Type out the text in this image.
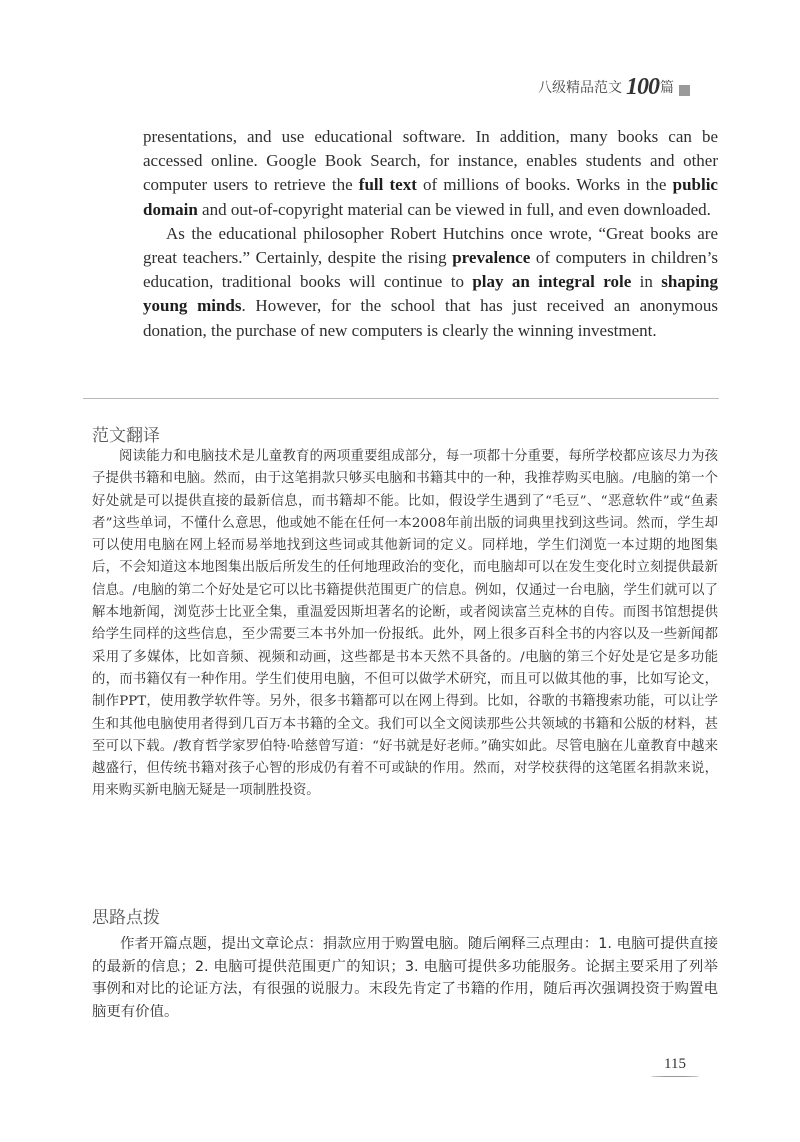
八级精品范文 100 篇

presentations, and use educational software. In addition, many books can be accessed online. Google Book Search, for instance, enables students and other computer users to retrieve the full text of millions of books. Works in the public domain and out-of-copyright material can be viewed in full, and even downloaded.

As the educational philosopher Robert Hutchins once wrote, “Great books are great teachers.” Certainly, despite the rising prevalence of computers in children’s education, traditional books will continue to play an integral role in shaping young minds. However, for the school that has just received an anonymous donation, the purchase of new computers is clearly the winning investment.

范文翻译
阅读能力和电脑技术是儿童教育的两项重要组成部分，每一项都十分重要，每所学校都应该尽力为孩子提供书籍和电脑。然而，由于这笔捐款只够买电脑和书籍其中的一种，我推荐购买电脑。/电脑的第一个好处就是可以提供直接的最新信息，而书籍却不能。比如，假设学生遇到了“毛豆”、“恶意软件”或“鱼素者”这些单词，不懂什么意思，他或她不能在任何一本2008年前出版的词典里找到这些词。然而，学生却可以使用电脑在网上轻而易举地找到这些词或其他新词的定义。同样地，学生们浏览一本过期的地图集后，不会知道这本地图集出版后所发生的任何地理政治的变化，而电脑却可以在发生变化时立刻提供最新信息。/电脑的第二个好处是它可以比书籍提供范围更广的信息。例如，仅通过一台电脑，学生们就可以了解本地新闻，浏览莎士比亚全集，重温爱因斯坦著名的论断，或者阅读富兰克林的自传。而图书馆想提供给学生同样的这些信息，至少需要三本书外加一份报纸。此外，网上很多百科全书的内容以及一些新闻都采用了多媒体，比如音频、视频和动画，这些都是书本天然不具备的。/电脑的第三个好处是它是多功能的，而书籍仅有一种作用。学生们使用电脑，不但可以做学术研究，而且可以做其他的事，比如写论文，制作PPT，使用教学软件等。另外，很多书籍都可以在网上得到。比如，谷歌的书籍搜索功能，可以让学生和其他电脑使用者得到几百万本书籍的全文。我们可以全文阅读那些公共领域的书籍和公版的材料，甚至可以下载。/教育哲学家罗伯特·哈慈曾写道：“好书就是好老师。”确实如此。尽管电脑在儿童教育中越来越盛行，但传统书籍对孩子心智的形成仍有着不可或缺的作用。然而，对学校获得的这笔匿名捐款来说，用来购买新电脑无疑是一项制胜投资。
思路点拨
作者开篇点题，提出文章论点：捐款应用于购置电脑。随后阐释三点理由：1. 电脑可提供直接的最新的信息；2. 电脑可提供范围更广的知识；3. 电脑可提供多功能服务。论据主要采用了列举事例和对比的论证方法，有很强的说服力。末段先肯定了书籍的作用，随后再次强调投资于购置电脑更有价值。
115
